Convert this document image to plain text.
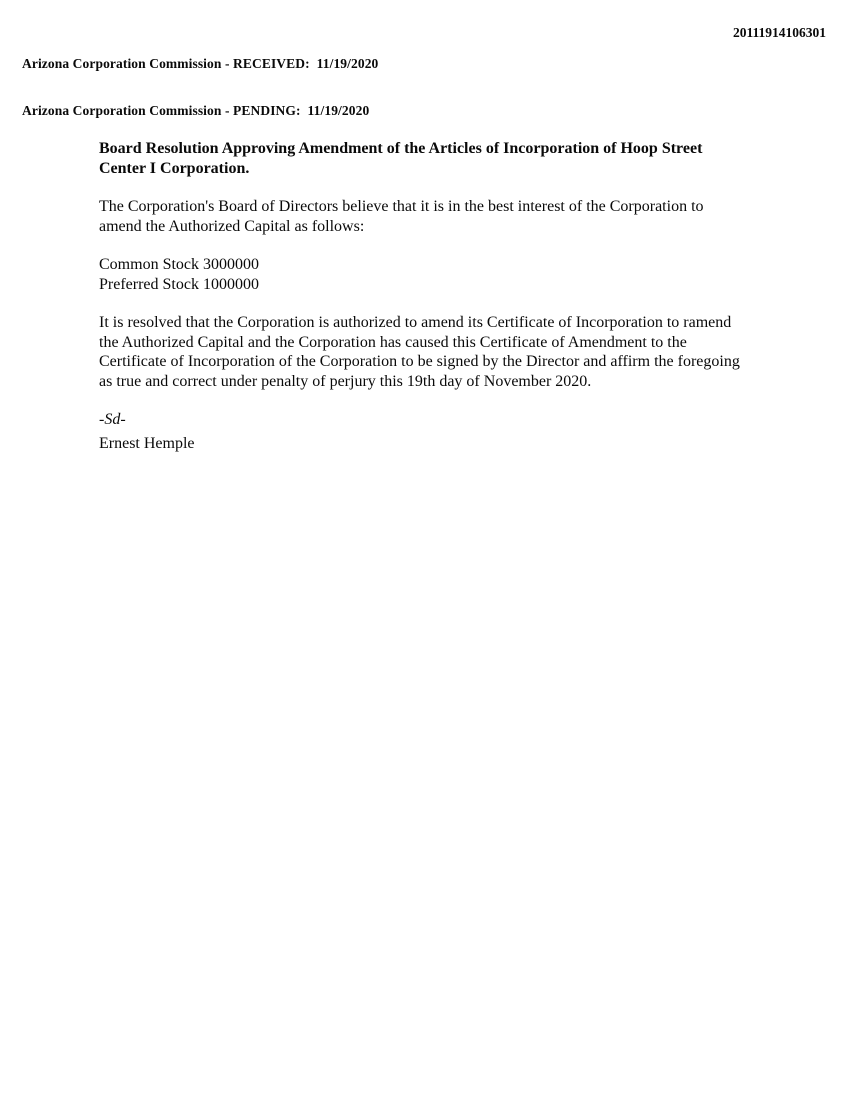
Arizona Corporation Commission - RECEIVED:  11/19/2020

Arizona Corporation Commission - PENDING:  11/19/2020

20111914106301
Board Resolution Approving Amendment of the Articles of Incorporation of Hoop Street Center I Corporation.
The Corporation's Board of Directors believe that it is in the best interest of the Corporation to amend the Authorized Capital as follows:
Common Stock 3000000
Preferred Stock 1000000
It is resolved that the Corporation is authorized to amend its Certificate of Incorporation to ramend the Authorized Capital and the Corporation has caused this Certificate of Amendment to the Certificate of Incorporation of the Corporation to be signed by the Director and affirm the foregoing as true and correct under penalty of perjury this 19th day of November 2020.
-Sd-
Ernest Hemple
